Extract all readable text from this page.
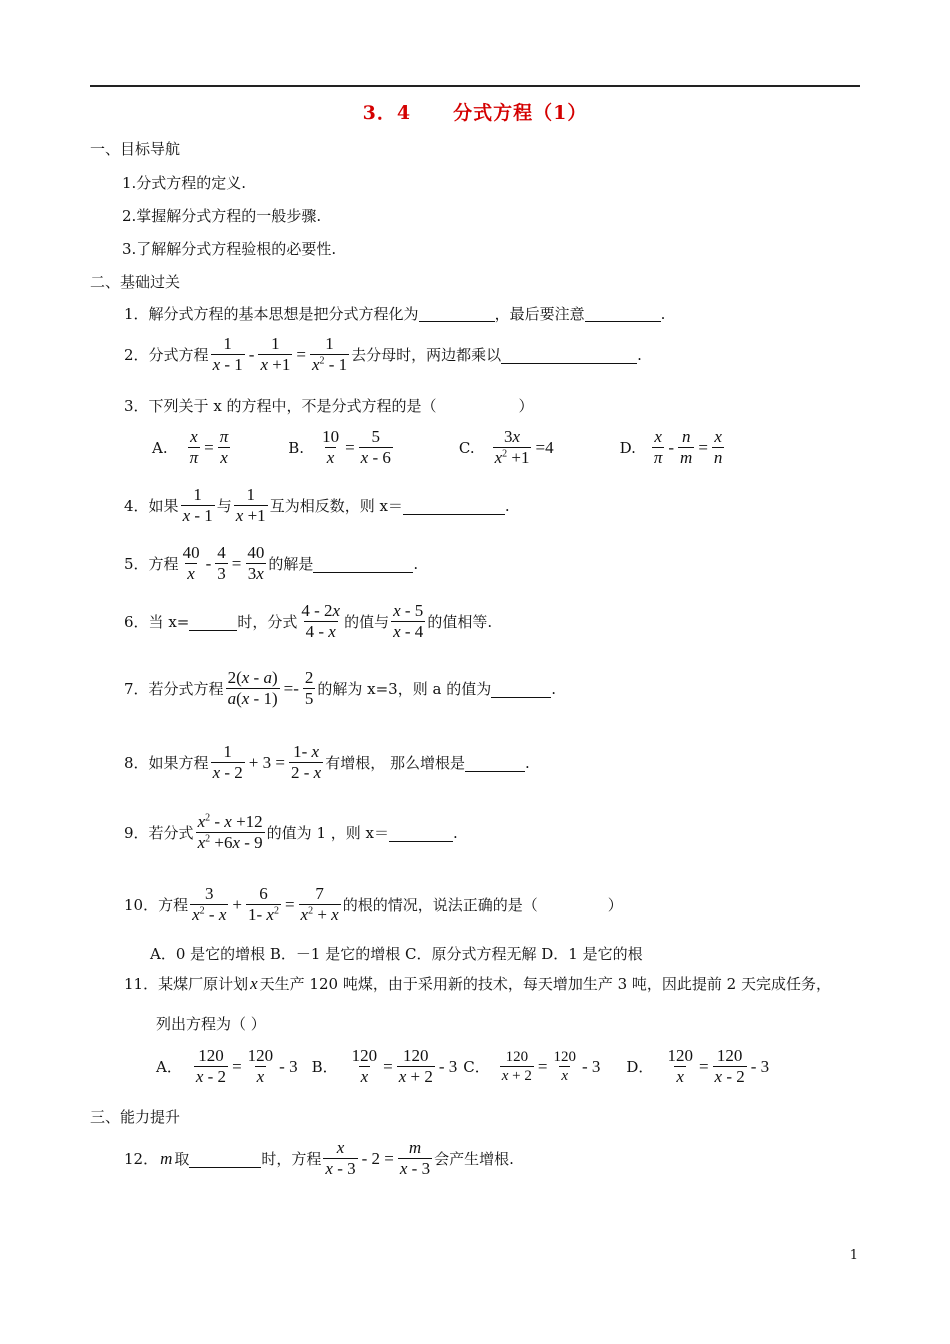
3．4 分式方程（1）
一、目标导航
1.分式方程的定义.
2.掌握解分式方程的一般步骤.
3.了解解分式方程验根的必要性.
二、基础过关
1． 解分式方程的基本思想是把分式方程化为	，最后要注意	.
2． 分式方程 $\frac{1}{x - 1} - \frac{1}{x +1} = \frac{1}{x^2 - 1}$ 去分母时，两边都乘以	.
3． 下列关于 x 的方程中，不是分式方程的是（	）
A. $\frac{x}{\pi} = \frac{\pi}{x}$	B. $\frac{10}{x} = \frac{5}{x - 6}$	C. $\frac{3x}{x^2 +1} =4$	D. $\frac{x}{\pi} - \frac{n}{m} = \frac{x}{n}$
4． 如果 $\frac{1}{x - 1}$ 与 $\frac{1}{x +1}$ 互为相反数，则 x＝	.
5． 方程 $\frac{40}{x} - \frac{4}{3} = \frac{40}{3x}$ 的解是	.
6． 当 x=	时，分式 $\frac{4 - 2x}{4 - x}$ 的值与 $\frac{x - 5}{x - 4}$ 的值相等.
7． 若分式方程 $\frac{2(x - a)}{a(x - 1)} =- \frac{2}{5}$ 的解为 x=3，则 a 的值为	.
8． 如果方程 $\frac{1}{x - 2} + 3 = \frac{1- x}{2 - x}$ 有增根， 那么增根是	.
9． 若分式 $\frac{x^2 - x +12}{x^2 +6x - 9}$ 的值为 1 ，则 x＝	.
10． 方程 $\frac{3}{x^2 - x} + \frac{6}{1- x^2} = \frac{7}{x^2 + x}$ 的根的情况，说法正确的是（	）
A．0 是它的增根 B．－1 是它的增根 C．原分式方程无解 D．1 是它的根
11． 某煤厂原计划 x 天生产 120 吨煤，由于采用新的技术，每天增加生产 3 吨，因此提前 2 天完成任务，
列出方程为（ ）
A． $\frac{120}{x - 2} = \frac{120}{x} - 3$ B． $\frac{120}{x} = \frac{120}{x + 2} - 3$ C． $\frac{120}{x + 2} = \frac{120}{x} - 3$ D． $\frac{120}{x} = \frac{120}{x - 2} - 3$
三、能力提升
12． m 取	时，方程 $\frac{x}{x - 3} - 2 = \frac{m}{x - 3}$ 会产生增根.
1
